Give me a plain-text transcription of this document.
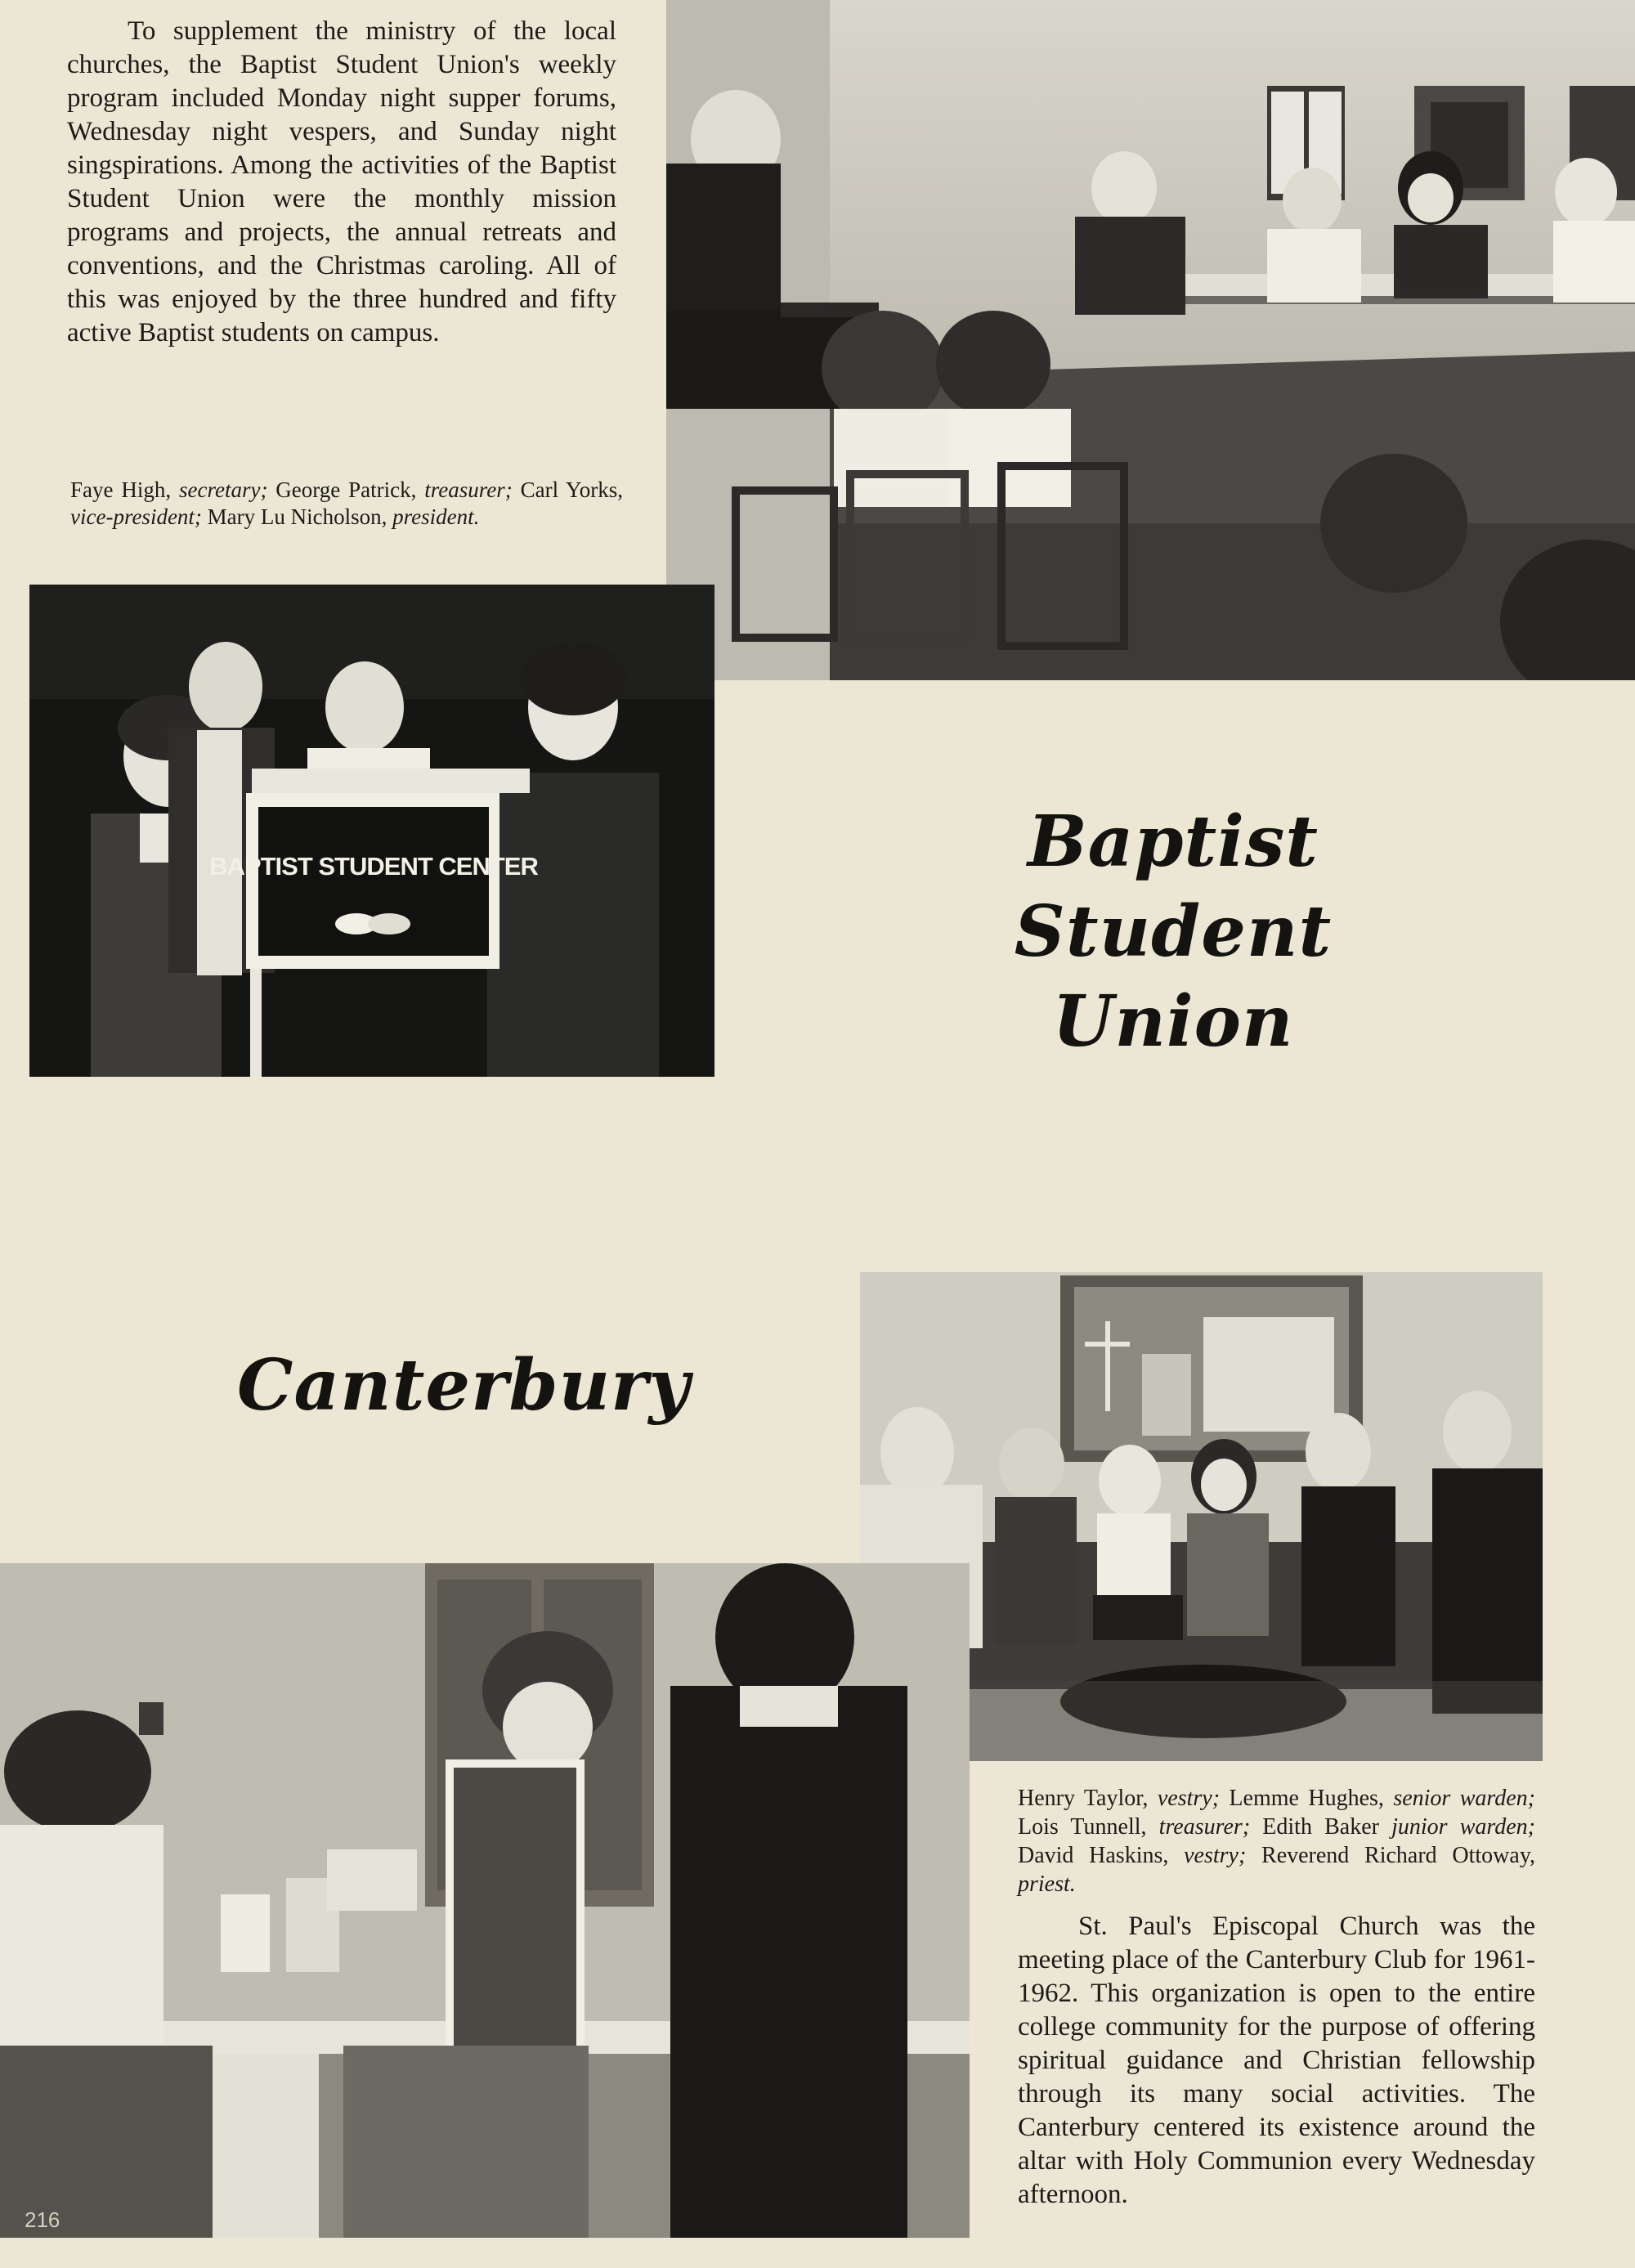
To supplement the ministry of the local churches, the Baptist Student Union's weekly program included Monday night supper forums, Wednesday night vespers, and Sunday night singspirations. Among the activities of the Baptist Student Union were the monthly mission programs and projects, the annual retreats and conventions, and the Christmas caroling. All of this was enjoyed by the three hundred and fifty active Baptist students on campus.

Faye High, secretary; George Patrick, treasurer; Carl Yorks, vice-president; Mary Lu Nicholson, president.

BAPTIST STUDENT CENTER	Baptist Student
Union
Canterbury

Henry Taylor, vestry; Lemme Hughes, senior warden; Lois Tunnell, treasurer; Edith Baker junior warden; David Haskins, vestry; Reverend Richard Ottoway, priest.

St. Paul's Episcopal Church was the meeting place of the Canterbury Club for 1961-1962. This organization is open to the entire college community for the purpose of offering spiritual guidance and Christian fellowship through its many social activities. The Canterbury centered its existence around the altar with Holy Communion every Wednesday afternoon.

216
